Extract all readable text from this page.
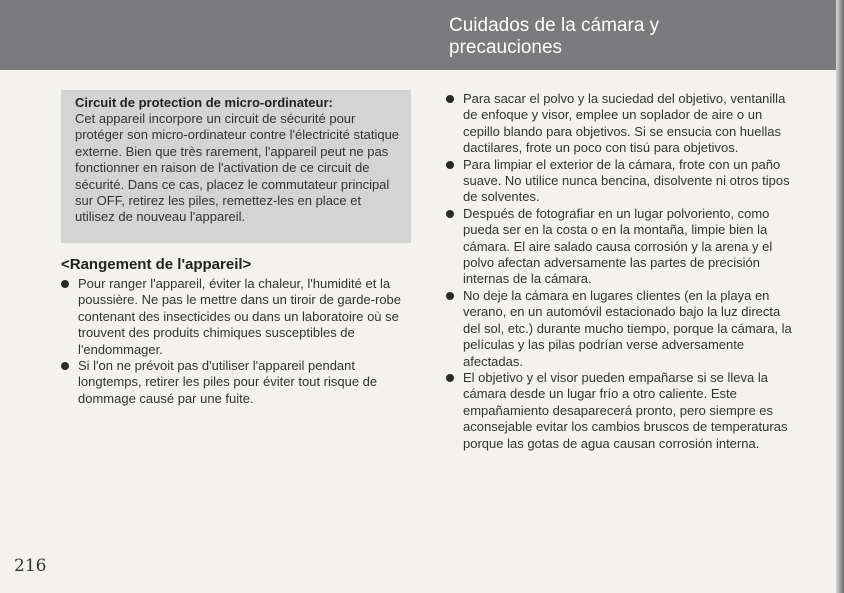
Cuidados de la cámara y
precauciones

Circuit de protection de micro-ordinateur:

Cet appareil incorpore un circuit de sécurité pour protéger son micro-ordinateur contre l'électricité statique externe. Bien que très rarement, l'appareil peut ne pas fonctionner en raison de l'activation de ce circuit de sécurité. Dans ce cas, placez le commutateur principal sur OFF, retirez les piles, remettez-les en place et utilisez de nouveau l'appareil.

<Rangement de l'appareil>
Pour ranger l'appareil, éviter la chaleur, l'humidité et la poussière. Ne pas le mettre dans un tiroir de garde-robe contenant des insecticides ou dans un laboratoire où se trouvent des produits chimiques susceptibles de l'endommager.
Si l'on ne prévoit pas d'utiliser l'appareil pendant longtemps, retirer les piles pour éviter tout risque de dommage causé par une fuite.
Para sacar el polvo y la suciedad del objetivo, ventanilla de enfoque y visor, emplee un soplador de aire o un cepillo blando para objetivos. Si se ensucia con huellas dactilares, frote un poco con tisú para objetivos.
Para limpiar el exterior de la cámara, frote con un paño suave. No utilice nunca bencina, disolvente ni otros tipos de solventes.
Después de fotografiar en un lugar polvoriento, como pueda ser en la costa o en la montaña, limpie bien la cámara. El aire salado causa corrosión y la arena y el polvo afectan adversamente las partes de precisión internas de la cámara.
No deje la cámara en lugares clientes (en la playa en verano, en un automóvil estacionado bajo la luz directa del sol, etc.) durante mucho tiempo, porque la cámara, la películas y las pilas podrían verse adversamente afectadas.
El objetivo y el visor pueden empañarse si se lleva la cámara desde un lugar frío a otro caliente. Este empañamiento desaparecerá pronto, pero siempre es aconsejable evitar los cambios bruscos de temperaturas porque las gotas de agua causan corrosión interna.

216
